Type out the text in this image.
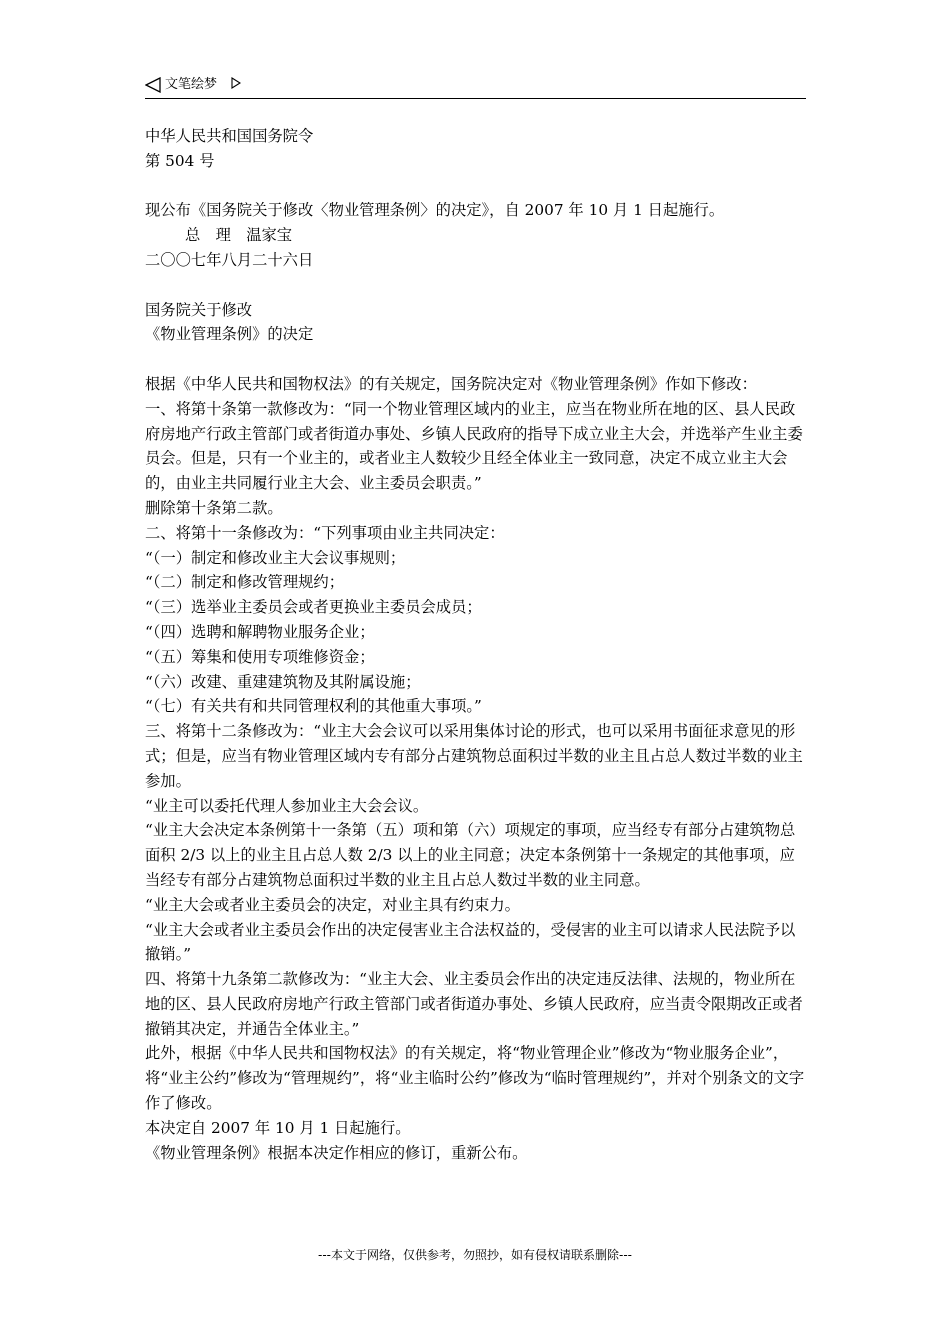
文笔绘梦

中华人民共和国国务院令

第 504 号

现公布《国务院关于修改〈物业管理条例〉的决定》，自 2007 年 10 月 1 日起施行。

总　理　温家宝

二〇〇七年八月二十六日

国务院关于修改

《物业管理条例》的决定

根据《中华人民共和国物权法》的有关规定，国务院决定对《物业管理条例》作如下修改：

一、将第十条第一款修改为：“同一个物业管理区域内的业主，应当在物业所在地的区、县人民政府房地产行政主管部门或者街道办事处、乡镇人民政府的指导下成立业主大会，并选举产生业主委员会。但是，只有一个业主的，或者业主人数较少且经全体业主一致同意，决定不成立业主大会的，由业主共同履行业主大会、业主委员会职责。”

删除第十条第二款。

二、将第十一条修改为：“下列事项由业主共同决定：

“（一）制定和修改业主大会议事规则；

“（二）制定和修改管理规约；

“（三）选举业主委员会或者更换业主委员会成员；

“（四）选聘和解聘物业服务企业；

“（五）筹集和使用专项维修资金；

“（六）改建、重建建筑物及其附属设施；

“（七）有关共有和共同管理权利的其他重大事项。”

三、将第十二条修改为：“业主大会会议可以采用集体讨论的形式，也可以采用书面征求意见的形式；但是，应当有物业管理区域内专有部分占建筑物总面积过半数的业主且占总人数过半数的业主参加。

“业主可以委托代理人参加业主大会会议。

“业主大会决定本条例第十一条第（五）项和第（六）项规定的事项，应当经专有部分占建筑物总面积 2/3 以上的业主且占总人数 2/3 以上的业主同意；决定本条例第十一条规定的其他事项，应当经专有部分占建筑物总面积过半数的业主且占总人数过半数的业主同意。

“业主大会或者业主委员会的决定，对业主具有约束力。

“业主大会或者业主委员会作出的决定侵害业主合法权益的，受侵害的业主可以请求人民法院予以撤销。”

四、将第十九条第二款修改为：“业主大会、业主委员会作出的决定违反法律、法规的，物业所在地的区、县人民政府房地产行政主管部门或者街道办事处、乡镇人民政府，应当责令限期改正或者撤销其决定，并通告全体业主。”

此外，根据《中华人民共和国物权法》的有关规定，将“物业管理企业”修改为“物业服务企业”，将“业主公约”修改为“管理规约”，将“业主临时公约”修改为“临时管理规约”，并对个别条文的文字作了修改。

本决定自 2007 年 10 月 1 日起施行。

《物业管理条例》根据本决定作相应的修订，重新公布。

---本文于网络，仅供参考，勿照抄，如有侵权请联系删除---
